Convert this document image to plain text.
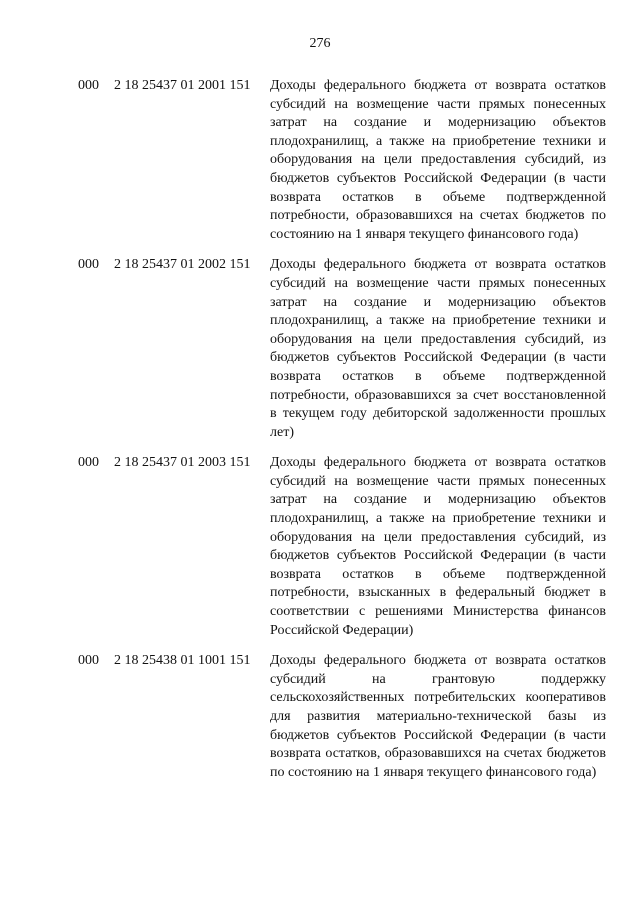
276
000	2 18 25437 01 2001 151	Доходы федерального бюджета от возврата остатков субсидий на возмещение части прямых понесенных затрат на создание и модернизацию объектов плодохранилищ, а также на приобретение техники и оборудования на цели предоставления субсидий, из бюджетов субъектов Российской Федерации (в части возврата остатков в объеме подтвержденной потребности, образовавшихся на счетах бюджетов по состоянию на 1 января текущего финансового года)
000	2 18 25437 01 2002 151	Доходы федерального бюджета от возврата остатков субсидий на возмещение части прямых понесенных затрат на создание и модернизацию объектов плодохранилищ, а также на приобретение техники и оборудования на цели предоставления субсидий, из бюджетов субъектов Российской Федерации (в части возврата остатков в объеме подтвержденной потребности, образовавшихся за счет восстановленной в текущем году дебиторской задолженности прошлых лет)
000	2 18 25437 01 2003 151	Доходы федерального бюджета от возврата остатков субсидий на возмещение части прямых понесенных затрат на создание и модернизацию объектов плодохранилищ, а также на приобретение техники и оборудования на цели предоставления субсидий, из бюджетов субъектов Российской Федерации (в части возврата остатков в объеме подтвержденной потребности, взысканных в федеральный бюджет в соответствии с решениями Министерства финансов Российской Федерации)
000	2 18 25438 01 1001 151	Доходы федерального бюджета от возврата остатков субсидий на грантовую поддержку сельскохозяйственных потребительских кооперативов для развития материально-технической базы из бюджетов субъектов Российской Федерации (в части возврата остатков, образовавшихся на счетах бюджетов по состоянию на 1 января текущего финансового года)
